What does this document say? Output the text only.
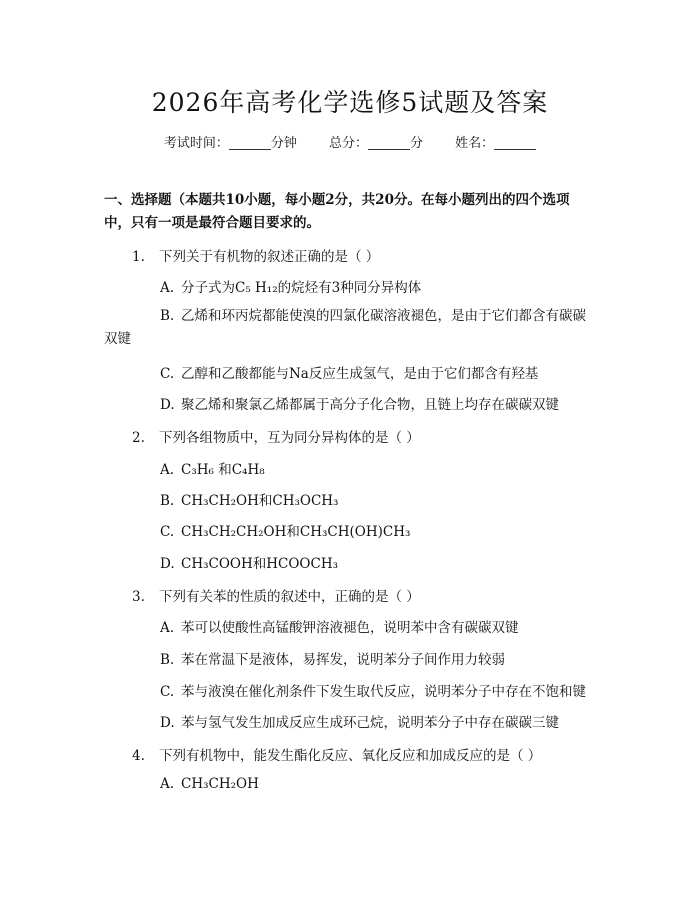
2026年高考化学选修5试题及答案
考试时间：	分钟 总分：	分 姓名：
一、选择题（本题共10小题，每小题2分，共20分。在每小题列出的四个选项中，只有一项是最符合题目要求的。
1. 下列关于有机物的叙述正确的是（ ）
A. 分子式为C₅ H₁₂的烷烃有3种同分异构体
B. 乙烯和环丙烷都能使溴的四氯化碳溶液褪色，是由于它们都含有碳碳双键
C. 乙醇和乙酸都能与Na反应生成氢气，是由于它们都含有羟基
D. 聚乙烯和聚氯乙烯都属于高分子化合物，且链上均存在碳碳双键
2. 下列各组物质中，互为同分异构体的是（ ）
A. C₃H₆ 和C₄H₈
B. CH₃CH₂OH和CH₃OCH₃
C. CH₃CH₂CH₂OH和CH₃CH(OH)CH₃
D. CH₃COOH和HCOOCH₃
3. 下列有关苯的性质的叙述中，正确的是（ ）
A. 苯可以使酸性高锰酸钾溶液褪色，说明苯中含有碳碳双键
B. 苯在常温下是液体，易挥发，说明苯分子间作用力较弱
C. 苯与液溴在催化剂条件下发生取代反应，说明苯分子中存在不饱和键
D. 苯与氢气发生加成反应生成环己烷，说明苯分子中存在碳碳三键
4. 下列有机物中，能发生酯化反应、氧化反应和加成反应的是（ ）
A. CH₃CH₂OH
